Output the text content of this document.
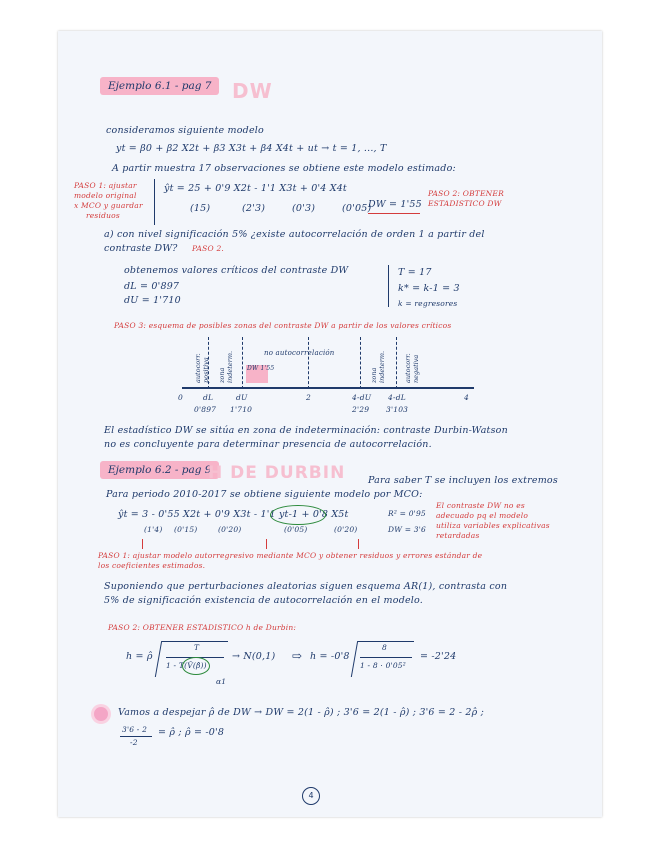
Ejemplo 6.1 - pag 7	DW
consideramos siguiente modelo
yt = β0 + β2 X2t + β3 X3t + β4 X4t + ut → t = 1, ..., T
A partir muestra 17 observaciones se obtiene este modelo estimado:
PASO 1: ajustar
modelo original
x MCO y guardar
residuos
ŷt = 25 + 0'9 X2t - 1'1 X3t + 0'4 X4t
(15)	(2'3)	(0'3)	(0'05)
DW = 1'55
PASO 2: OBTENER
ESTADISTICO DW
a) con nivel significación 5% ¿existe autocorrelación de orden 1 a partir del
contraste DW? PASO 2.
obtenemos valores críticos del contraste DW
dL = 0'897
dU = 1'710
T = 17
k* = k-1 = 3
k = regresores
PASO 3: esquema de posibles zonas del contraste DW a partir de los valores críticos
autocorr. positiva zona indeterm. DW 1'55
no autocorrelación
zona indeterm.	autocorr. negativa
0	dL	dU	2	4-dU 4-dL	4
0'897 1'710	2'29 3'103
El estadístico DW se sitúa en zona de indeterminación: contraste Durbin-Watson
no es concluyente para determinar presencia de autocorrelación.
Ejemplo 6.2 - pag 9
H DE DURBIN Para saber T se incluyen los extremos
Para periodo 2010-2017 se obtiene siguiente modelo por MCO:
ŷt = 3 - 0'55 X2t + 0'9 X3t - 1'1 yt-1 + 0'8 X5t
(1'4) (0'15)	(0'20)	(0'05)	(0'20)
R² = 0'95
DW = 3'6
El contraste DW no es
adecuado pq el modelo
utiliza variables explicativas
retardadas
PASO 1: ajustar modelo autorregresivo mediante MCO y obtener residuos y errores estándar de
los coeficientes estimados.
Suponiendo que perturbaciones aleatorias siguen esquema AR(1), contrasta con
5% de significación existencia de autocorrelación en el modelo.
PASO 2: OBTENER ESTADISTICO h de Durbin:
h = ρ̂
T
1 - T(V̂(β̂))
→ N(0,1)
α1
⇨ h = -0'8
8
1 - 8 · 0'05²
= -2'24
Vamos a despejar ρ̂ de DW → DW = 2(1 - ρ̂) ; 3'6 = 2(1 - ρ̂) ; 3'6 = 2 - 2ρ̂ ;
3'6 - 2
-2
= ρ̂ ; ρ̂ = -0'8
4
